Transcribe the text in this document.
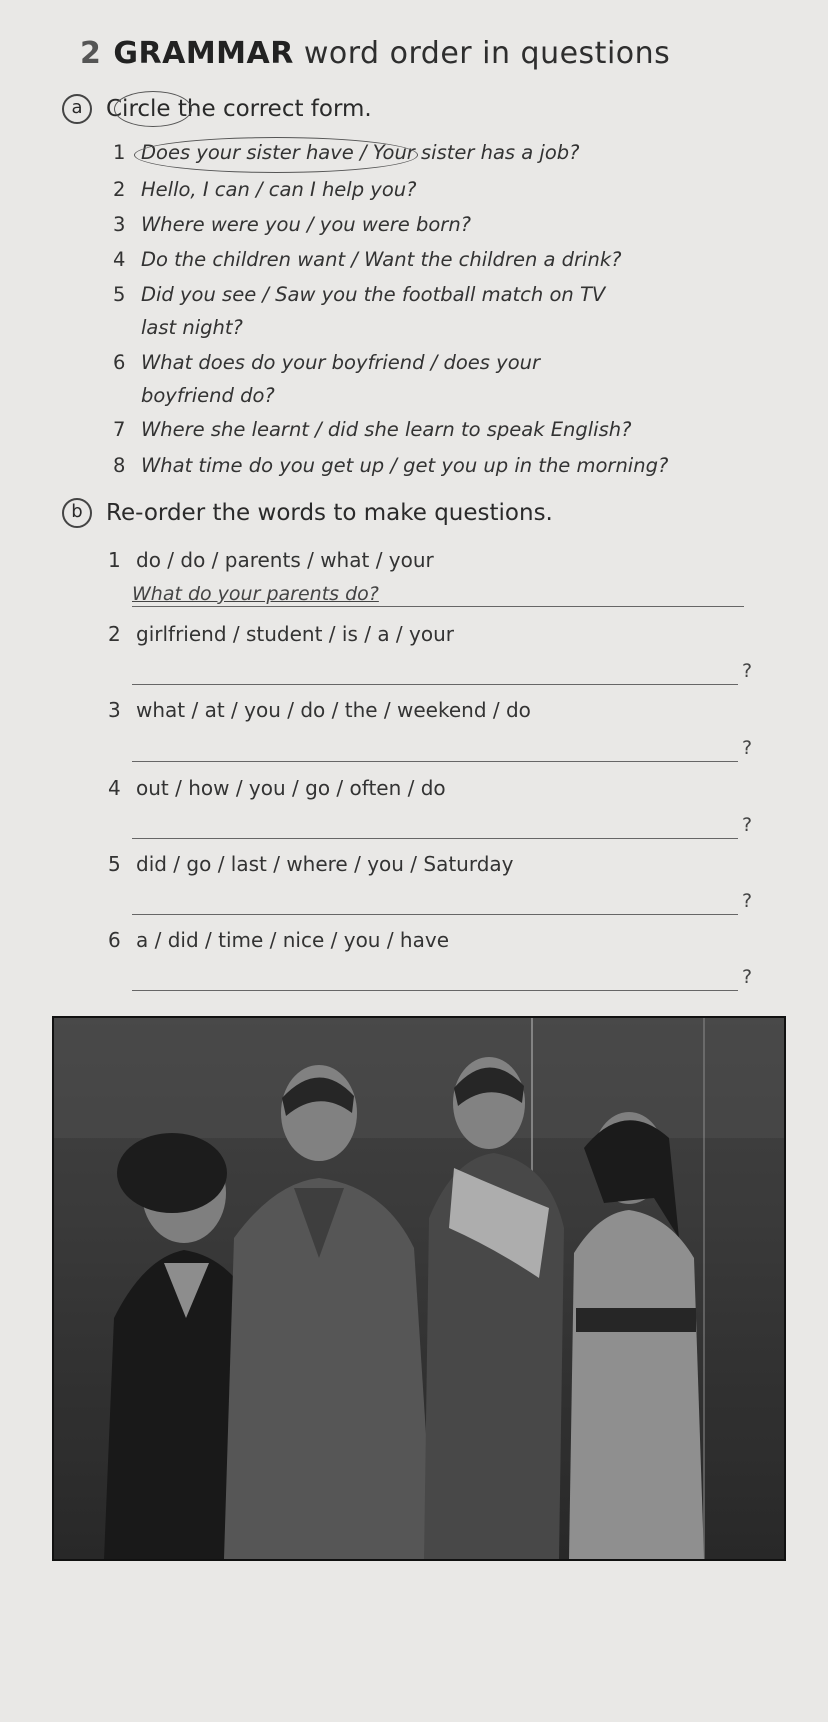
2 GRAMMAR word order in questions
a Circle the correct form.
1 Does your sister have / Your sister has a job?
2 Hello, I can / can I help you?
3 Where were you / you were born?
4 Do the children want / Want the children a drink?
5 Did you see / Saw you the football match on TV
last night?
6 What does do your boyfriend / does your
boyfriend do?
7 Where she learnt / did she learn to speak English?
8 What time do you get up / get you up in the morning?
b Re-order the words to make questions.
1 do / do / parents / what / your
What do your parents do?
2 girlfriend / student / is / a / your
?
3 what / at / you / do / the / weekend / do
?
4 out / how / you / go / often / do
?
5 did / go / last / where / you / Saturday
?
6 a / did / time / nice / you / have
?
